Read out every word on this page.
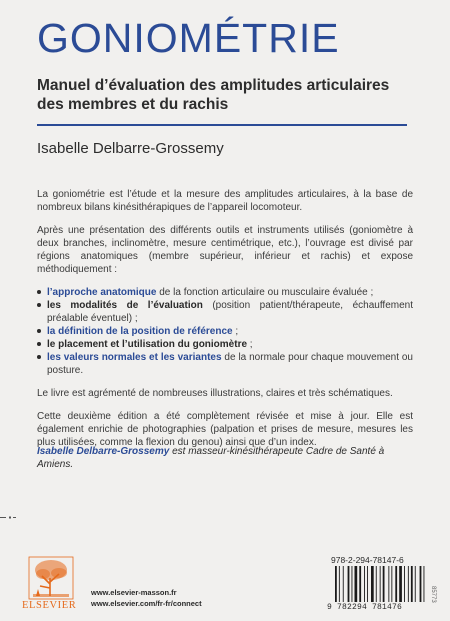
GONIOMÉTRIE
Manuel d’évaluation des amplitudes articulaires des membres et du rachis
Isabelle Delbarre-Grossemy

La goniométrie est l’étude et la mesure des amplitudes articulaires, à la base de nombreux bilans kinésithérapiques de l’appareil locomoteur.

Après une présentation des différents outils et instruments utilisés (goniomètre à deux branches, inclinomètre, mesure centimétrique, etc.), l’ouvrage est divisé par régions anatomiques (membre supérieur, inférieur et rachis) et expose méthodiquement :

l’approche anatomique de la fonction articulaire ou musculaire évaluée ;
les modalités de l’évaluation (position patient/thérapeute, échauffement préalable éventuel) ;
la définition de la position de référence ;
le placement et l’utilisation du goniomètre ;
les valeurs normales et les variantes de la normale pour chaque mouvement ou posture.

Le livre est agrémenté de nombreuses illustrations, claires et très schématiques.

Cette deuxième édition a été complètement révisée et mise à jour. Elle est également enrichie de photographies (palpation et prises de mesure, mesures les plus utilisées, comme la flexion du genou) ainsi que d’un index.

Isabelle Delbarre-Grossemy est masseur-kinésithérapeute Cadre de Santé à Amiens.
ELSEVIER
www.elsevier-masson.fr
www.elsevier.com/fr-fr/connect
978-2-294-78147-6
9 782294 781476
85773
